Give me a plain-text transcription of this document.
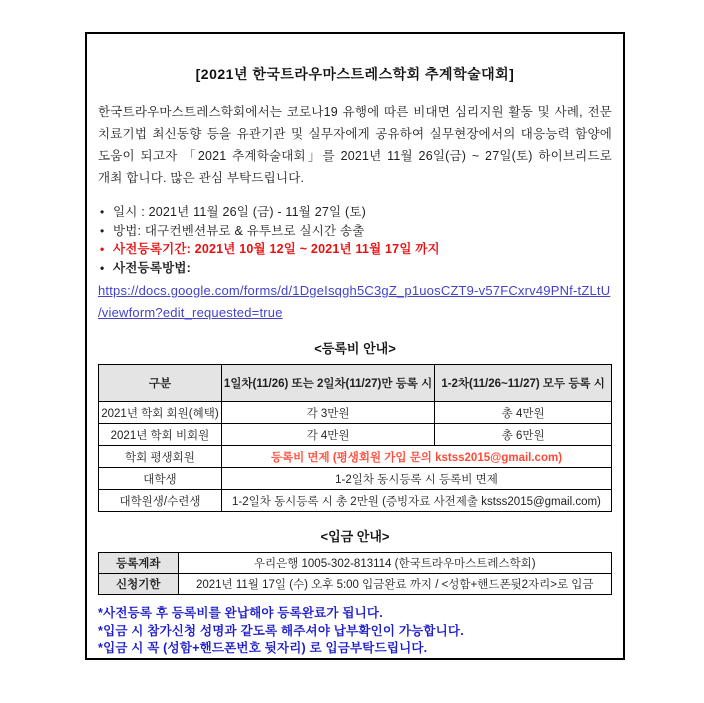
[2021년 한국트라우마스트레스학회 추계학술대회]
한국트라우마스트레스학회에서는 코로나19 유행에 따른 비대면 심리지원 활동 및 사례, 전문 치료기법 최신동향 등을 유관기관 및 실무자에게 공유하여 실무현장에서의 대응능력 함양에 도움이 되고자 「2021 추계학술대회」를 2021년 11월 26일(금) ~ 27일(토) 하이브리드로 개최 합니다. 많은 관심 부탁드립니다.
• 일시 : 2021년 11월 26일 (금) - 11월 27일 (토)
• 방법: 대구컨벤션뷰로 & 유투브로 실시간 송출
• 사전등록기간: 2021년 10월 12일 ~ 2021년 11월 17일 까지
• 사전등록방법:
https://docs.google.com/forms/d/1DgeIsqgh5C3gZ_p1uosCZT9-v57FCxrv49PNf-tZLtU
/viewform?edit_requested=true
<등록비 안내>
구분	1일차(11/26) 또는 2일차(11/27)만 등록 시	1-2차(11/26~11/27) 모두 등록 시
2021년 학회 회원(혜택)	각 3만원	총 4만원
2021년 학회 비회원	각 4만원	총 6만원
학회 평생회원	등록비 면제 (평생회원 가입 문의 kstss2015@gmail.com)	
대학생	1-2일차 동시등록 시 등록비 면제	
대학원생/수련생	1-2일차 동시등록 시 총 2만원 (증빙자료 사전제출 kstss2015@gmail.com)	
<입금 안내>
등록계좌	우리은행 1005-302-813114 (한국트라우마스트레스학회)
신청기한	2021년 11월 17일 (수) 오후 5:00 입금완료 까지 / <성함+핸드폰뒷2자리>로 입금
*사전등록 후 등록비를 완납해야 등록완료가 됩니다.
*입금 시 참가신청 성명과 같도록 해주셔야 납부확인이 가능합니다.
*입금 시 꼭 (성함+핸드폰번호 뒷자리) 로 입금부탁드립니다.
